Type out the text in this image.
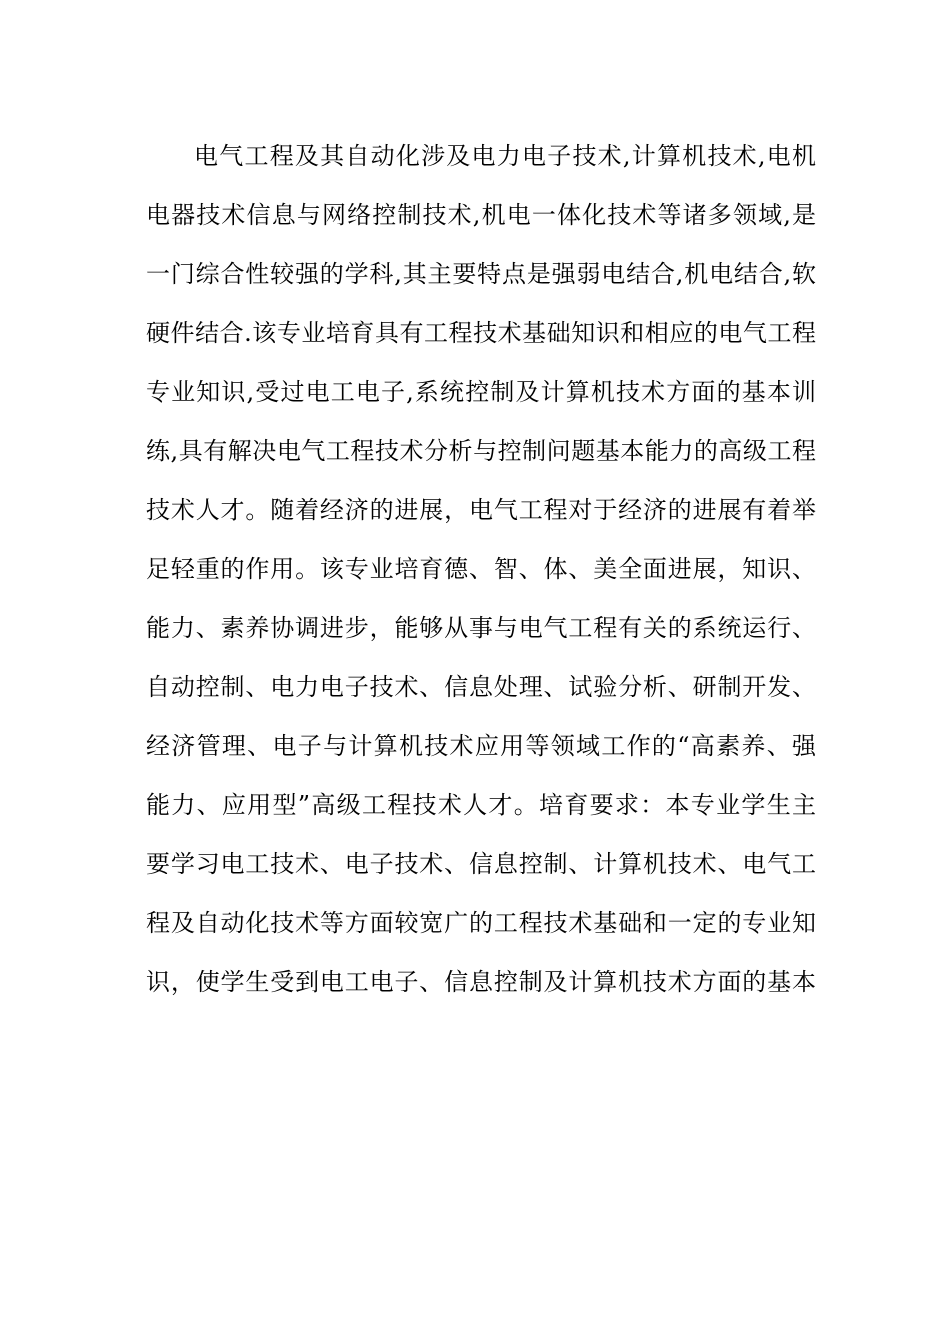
电气工程及其自动化涉及电力电子技术,计算机技术,电机
电器技术信息与网络控制技术,机电一体化技术等诸多领域,是
一门综合性较强的学科,其主要特点是强弱电结合,机电结合,软
硬件结合.该专业培育具有工程技术基础知识和相应的电气工程
专业知识,受过电工电子,系统控制及计算机技术方面的基本训
练,具有解决电气工程技术分析与控制问题基本能力的高级工程
技术人才。随着经济的进展，电气工程对于经济的进展有着举
足轻重的作用。该专业培育德、智、体、美全面进展，知识、
能力、素养协调进步，能够从事与电气工程有关的系统运行、
自动控制、电力电子技术、信息处理、试验分析、研制开发、
经济管理、电子与计算机技术应用等领域工作的“高素养、强
能力、应用型”高级工程技术人才。培育要求：本专业学生主
要学习电工技术、电子技术、信息控制、计算机技术、电气工
程及自动化技术等方面较宽广的工程技术基础和一定的专业知
识，使学生受到电工电子、信息控制及计算机技术方面的基本
